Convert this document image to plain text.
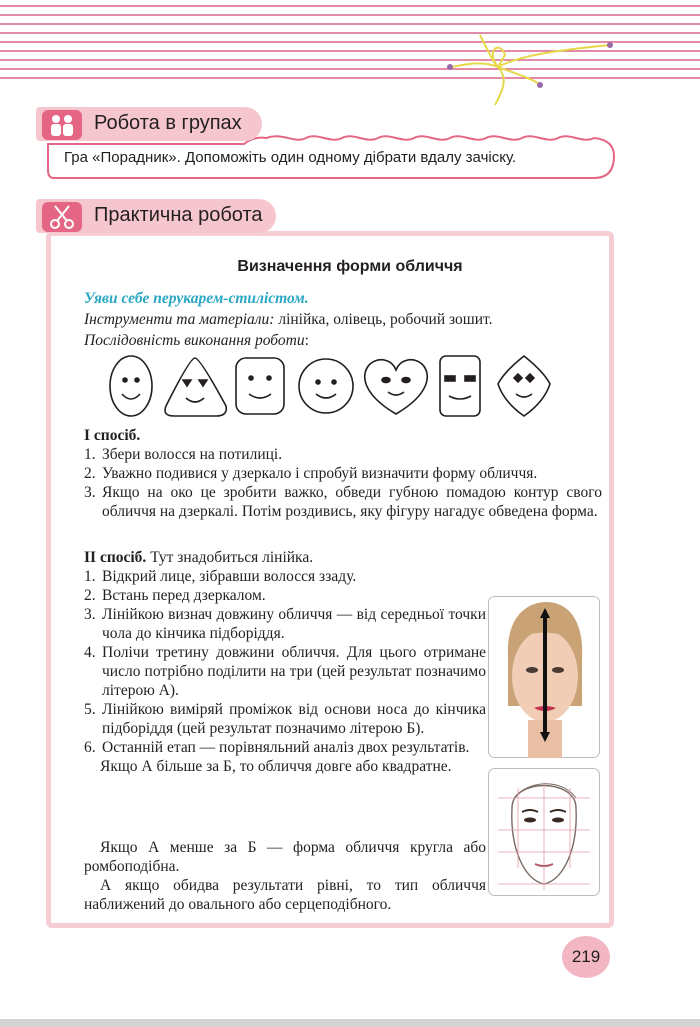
Робота в групах
Гра «Порадник». Допоможіть один одному дібрати вдалу зачіску.
Практична робота
Визначення форми обличчя
Уяви себе перукарем-стилістом.
Інструменти та матеріали: лінійка, олівець, робочий зошит.
Послідовність виконання роботи:

І спосіб.

1. Збери волосся на потилиці.
2. Уважно подивися у дзеркало і спробуй визначити форму обличчя.
3. Якщо на око це зробити важко, обведи губною помадою контур свого обличчя на дзеркалі. Потім роздивись, яку фігуру нагадує обведена форма.

ІІ спосіб. Тут знадобиться лінійка.

1. Відкрий лице, зібравши волосся ззаду.
2. Встань перед дзеркалом.
3. Лінійкою визнач довжину обличчя — від середньої точки чола до кінчика підборіддя.
4. Полічи третину довжини обличчя. Для цього отримане число потрібно поділити на три (цей результат позначимо літерою А).
5. Лінійкою виміряй проміжок від основи носа до кінчика підборіддя (цей результат позначимо літерою Б).
6. Останній етап — порівняльний аналіз двох результатів.

Якщо А більше за Б, то обличчя довге або квадратне.

Якщо А менше за Б — форма обличчя кругла або ромбоподібна.

А якщо обидва результати рівні, то тип обличчя наближений до овального або серцеподібного.

219
